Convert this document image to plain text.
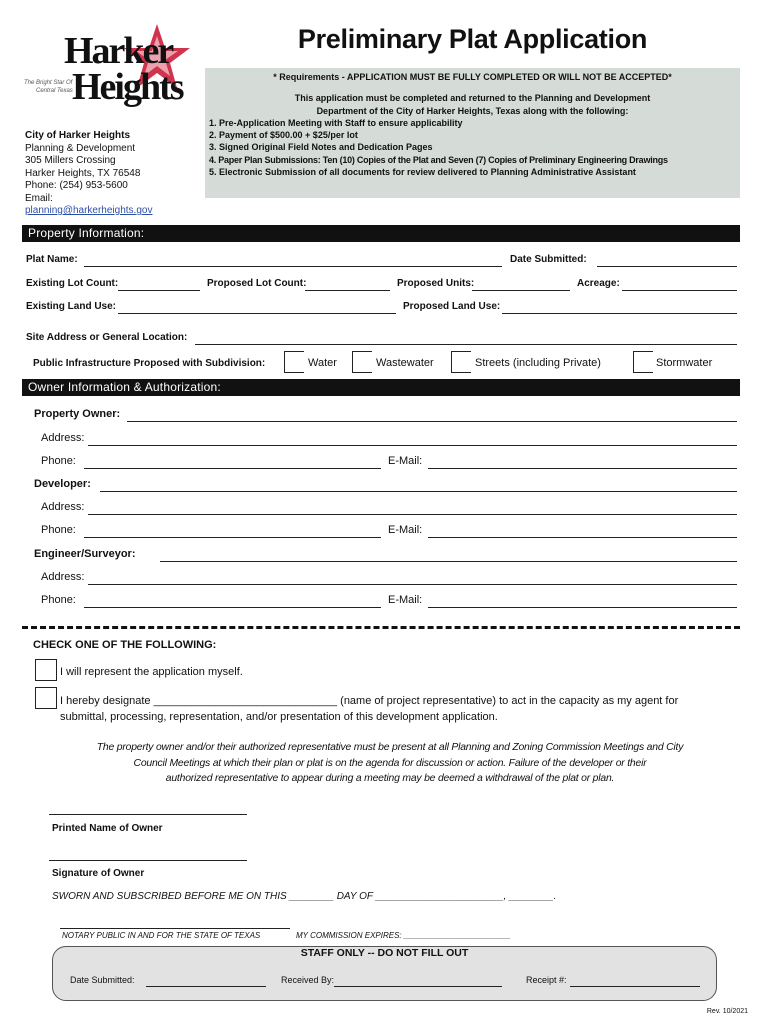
Harker
Heights
The Bright Star Of
Central Texas
City of Harker Heights
Planning & Development
305 Millers Crossing
Harker Heights, TX 76548
Phone: (254) 953-5600
Email:
planning@harkerheights.gov
Preliminary Plat Application
* Requirements - APPLICATION MUST BE FULLY COMPLETED OR WILL NOT BE ACCEPTED*
This application must be completed and returned to the Planning and Development
Department of the City of Harker Heights, Texas along with the following:
1. Pre-Application Meeting with Staff to ensure applicability
2. Payment of $500.00 + $25/per lot
3. Signed Original Field Notes and Dedication Pages
4. Paper Plan Submissions: Ten (10) Copies of the Plat and Seven (7) Copies of Preliminary Engineering Drawings
5. Electronic Submission of all documents for review delivered to Planning Administrative Assistant
Property Information:
Plat Name:	Date Submitted:
Existing Lot Count:	Proposed Lot Count:	Proposed Units:	Acreage:
Existing Land Use:	Proposed Land Use:
Site Address or General Location:
Public Infrastructure Proposed with Subdivision:	Water	Wastewater	Streets (including Private)	Stormwater
Owner Information & Authorization:
Property Owner:
Address:
Phone:	E-Mail:
Developer:
Address:
Phone:	E-Mail:
Engineer/Surveyor:
Address:
Phone:	E-Mail:
CHECK ONE OF THE FOLLOWING:
I will represent the application myself.
I hereby designate ______________________________ (name of project representative) to act in the capacity as my agent for
submittal, processing, representation, and/or presentation of this development application.
The property owner and/or their authorized representative must be present at all Planning and Zoning Commission Meetings and City
Council Meetings at which their plan or plat is on the agenda for discussion or action. Failure of the developer or their
authorized representative to appear during a meeting may be deemed a withdrawal of the plat or plan.
Printed Name of Owner
Signature of Owner
SWORN AND SUBSCRIBED BEFORE ME ON THIS ________ DAY OF _______________________, ________.
NOTARY PUBLIC IN AND FOR THE STATE OF TEXAS	MY COMMISSION EXPIRES: ________________________
STAFF ONLY -- DO NOT FILL OUT
Date Submitted:	Received By:	Receipt #:
Rev. 10/2021
